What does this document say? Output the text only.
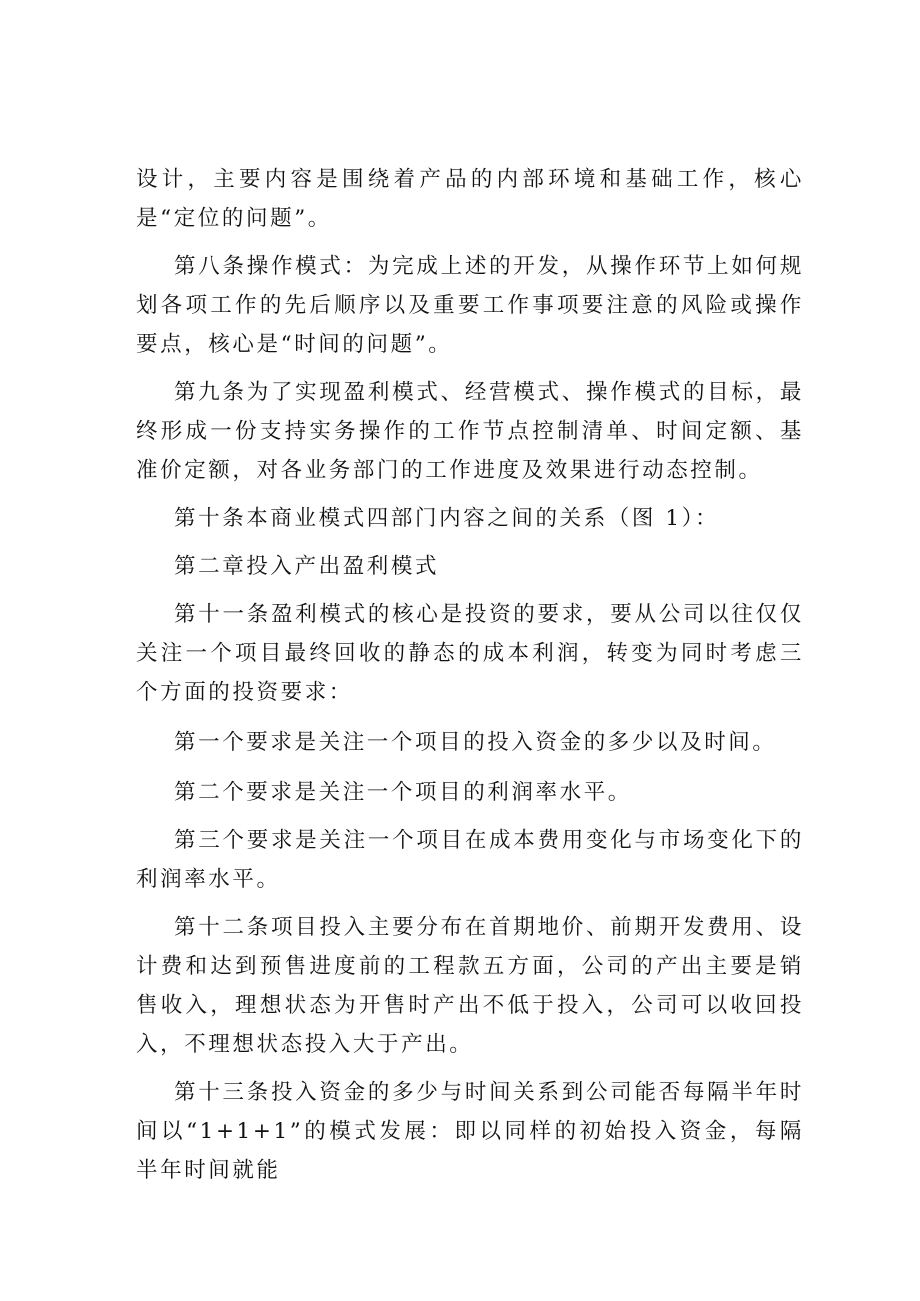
设计，主要内容是围绕着产品的内部环境和基础工作，核心是“定位的问题”。

第八条操作模式：为完成上述的开发，从操作环节上如何规划各项工作的先后顺序以及重要工作事项要注意的风险或操作要点，核心是“时间的问题”。

第九条为了实现盈利模式、经营模式、操作模式的目标，最终形成一份支持实务操作的工作节点控制清单、时间定额、基准价定额，对各业务部门的工作进度及效果进行动态控制。

第十条本商业模式四部门内容之间的关系（图 1）：

第二章投入产出盈利模式

第十一条盈利模式的核心是投资的要求，要从公司以往仅仅关注一个项目最终回收的静态的成本利润，转变为同时考虑三个方面的投资要求：

第一个要求是关注一个项目的投入资金的多少以及时间。

第二个要求是关注一个项目的利润率水平。

第三个要求是关注一个项目在成本费用变化与市场变化下的利润率水平。

第十二条项目投入主要分布在首期地价、前期开发费用、设计费和达到预售进度前的工程款五方面，公司的产出主要是销售收入，理想状态为开售时产出不低于投入，公司可以收回投入，不理想状态投入大于产出。

第十三条投入资金的多少与时间关系到公司能否每隔半年时间以“1+1+1”的模式发展：即以同样的初始投入资金，每隔半年时间就能
